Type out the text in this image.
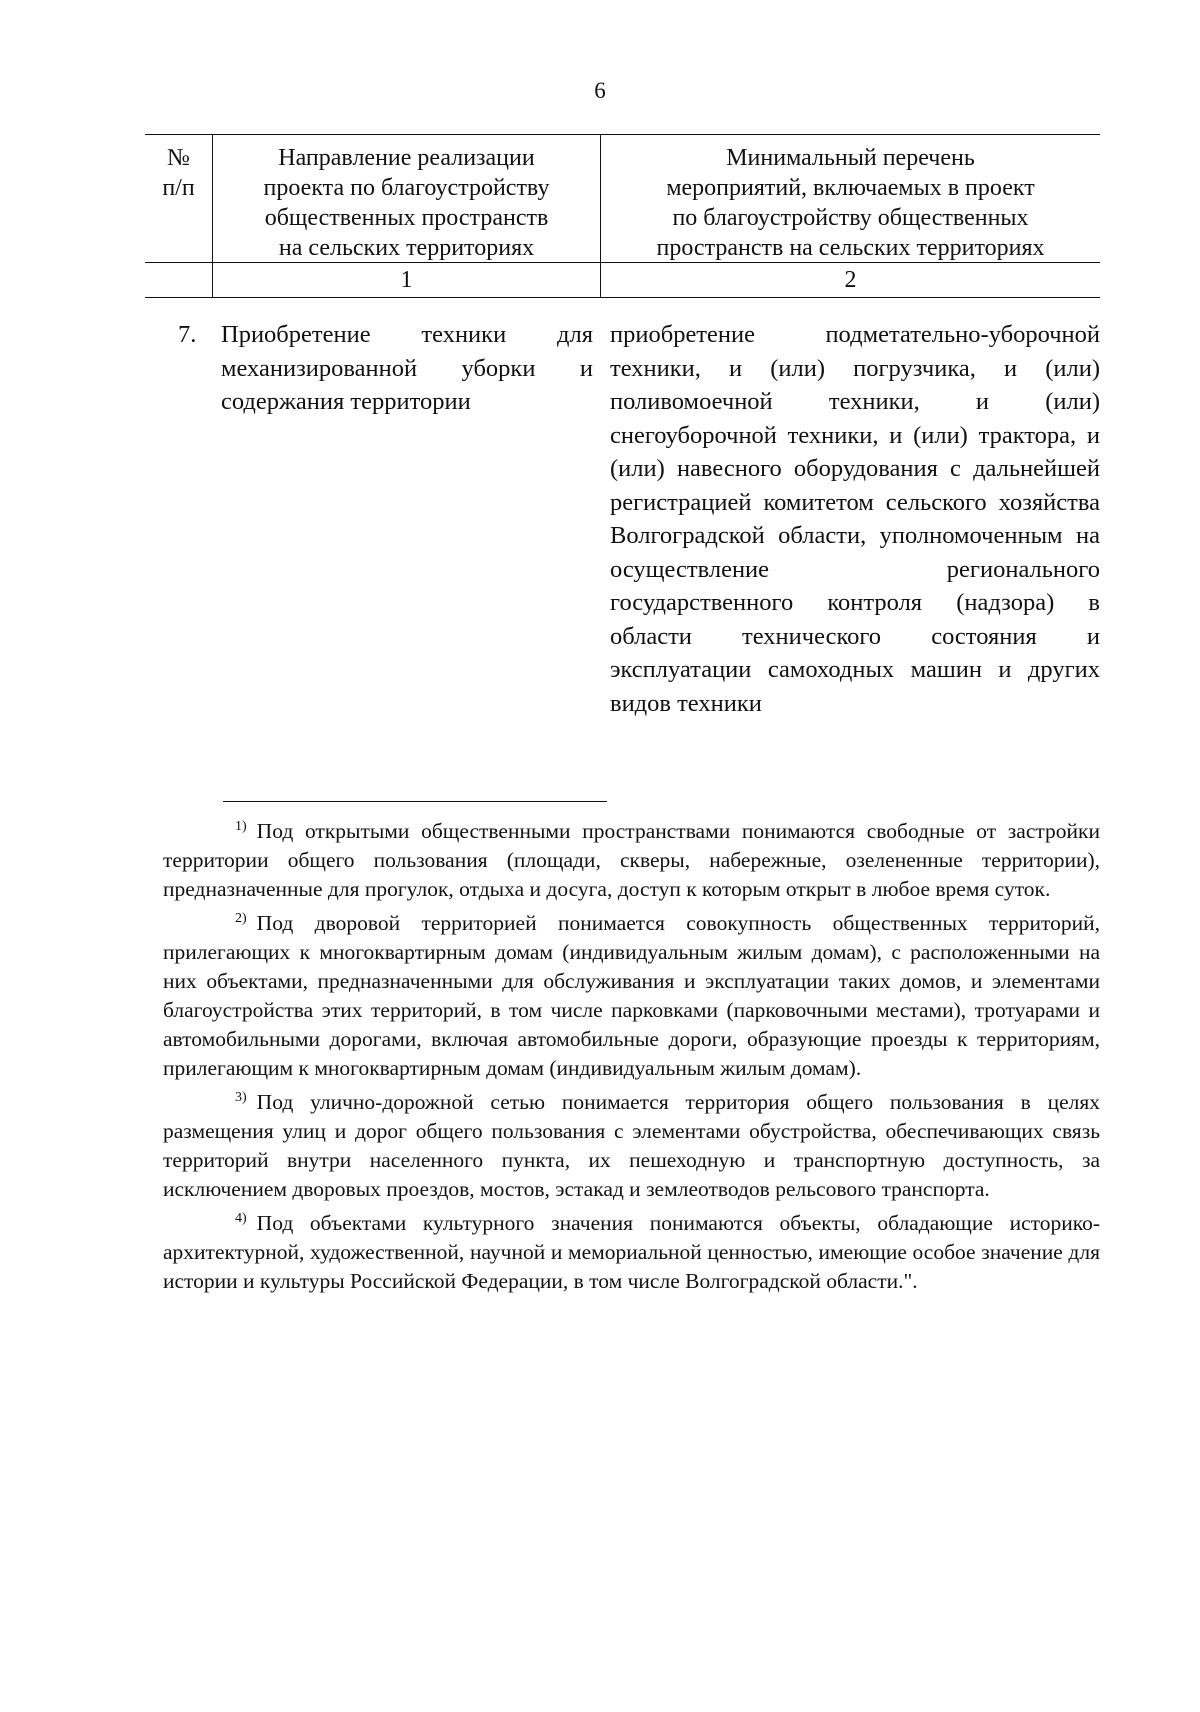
6
№
п/п
Направление реализации
проекта по благоустройству
общественных пространств
на сельских территориях
Минимальный перечень
мероприятий, включаемых в проект
по благоустройству общественных
пространств на сельских территориях
1	2
7. Приобретение техники для механизированной уборки и содержания территории
приобретение подметательно-уборочной техники, и (или) погрузчика, и (или) поливомоечной техники, и (или) снегоуборочной техники, и (или) трактора, и (или) навесного оборудования с дальнейшей регистрацией комитетом сельского хозяйства Волгоградской области, уполномоченным на осуществление регионального государственного контроля (надзора) в области технического состояния и эксплуатации самоходных машин и других видов техники

$^{1)}$ Под открытыми общественными пространствами понимаются свободные от застройки территории общего пользования (площади, скверы, набережные, озелененные территории), предназначенные для прогулок, отдыха и досуга, доступ к которым открыт в любое время суток.

$^{2)}$ Под дворовой территорией понимается совокупность общественных территорий, прилегающих к многоквартирным домам (индивидуальным жилым домам), с расположенными на них объектами, предназначенными для обслуживания и эксплуатации таких домов, и элементами благоустройства этих территорий, в том числе парковками (парковочными местами), тротуарами и автомобильными дорогами, включая автомобильные дороги, образующие проезды к территориям, прилегающим к многоквартирным домам (индивидуальным жилым домам).

$^{3)}$ Под улично-дорожной сетью понимается территория общего пользования в целях размещения улиц и дорог общего пользования с элементами обустройства, обеспечивающих связь территорий внутри населенного пункта, их пешеходную и транспортную доступность, за исключением дворовых проездов, мостов, эстакад и землеотводов рельсового транспорта.

$^{4)}$ Под объектами культурного значения понимаются объекты, обладающие историко-архитектурной, художественной, научной и мемориальной ценностью, имеющие особое значение для истории и культуры Российской Федерации, в том числе Волгоградской области.".
